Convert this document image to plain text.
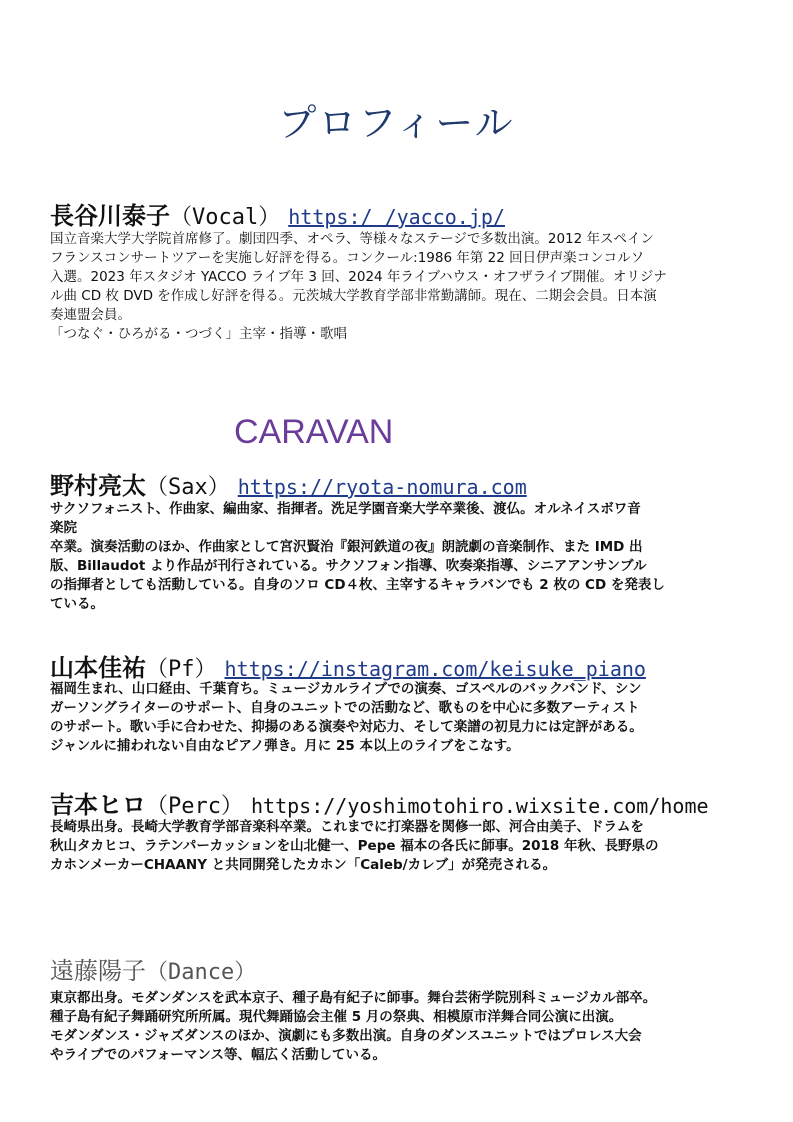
プロフィール
長谷川泰子（Vocal） https:/ /yacco.jp/
国立音楽大学大学院首席修了。劇団四季、オペラ、等様々なステージで多数出演。2012 年スペイン
フランスコンサートツアーを実施し好評を得る。コンクール:1986 年第 22 回日伊声楽コンコルソ
入選。2023 年スタジオ YACCO ライブ年 3 回、2024 年ライブハウス・オフザライブ開催。オリジナ
ル曲 CD 枚 DVD を作成し好評を得る。元茨城大学教育学部非常勤講師。現在、二期会会員。日本演
奏連盟会員。
「つなぐ・ひろがる・つづく」主宰・指導・歌唱
CARAVAN
野村亮太（Sax） https://ryota-nomura.com
サクソフォニスト、作曲家、編曲家、指揮者。洗足学園音楽大学卒業後、渡仏。オルネイスボワ音
楽院
卒業。演奏活動のほか、作曲家として宮沢賢治『銀河鉄道の夜』朗読劇の音楽制作、また IMD 出
版、Billaudot より作品が刊行されている。サクソフォン指導、吹奏楽指導、シニアアンサンブル
の指揮者としても活動している。自身のソロ CD４枚、主宰するキャラバンでも 2 枚の CD を発表し
ている。
山本佳祐（Pf） https://instagram.com/keisuke_piano
福岡生まれ、山口経由、千葉育ち。ミュージカルライブでの演奏、ゴスペルのバックバンド、シン
ガーソングライターのサポート、自身のユニットでの活動など、歌ものを中心に多数アーティスト
のサポート。歌い手に合わせた、抑揚のある演奏や対応力、そして楽譜の初見力には定評がある。
ジャンルに捕われない自由なピアノ弾き。月に 25 本以上のライブをこなす。
吉本ヒロ（Perc） https://yoshimotohiro.wixsite.com/home
長崎県出身。長崎大学教育学部音楽科卒業。これまでに打楽器を関修一郎、河合由美子、ドラムを
秋山タカヒコ、ラテンパーカッションを山北健一、Pepe 福本の各氏に師事。2018 年秋、長野県の
カホンメーカーCHAANY と共同開発したカホン「Caleb/カレブ」が発売される。
遠藤陽子（Dance）
東京都出身。モダンダンスを武本京子、種子島有紀子に師事。舞台芸術学院別科ミュージカル部卒。
種子島有紀子舞踊研究所所属。現代舞踊協会主催 5 月の祭典、相模原市洋舞合同公演に出演。
モダンダンス・ジャズダンスのほか、演劇にも多数出演。自身のダンスユニットではプロレス大会
やライブでのパフォーマンス等、幅広く活動している。
